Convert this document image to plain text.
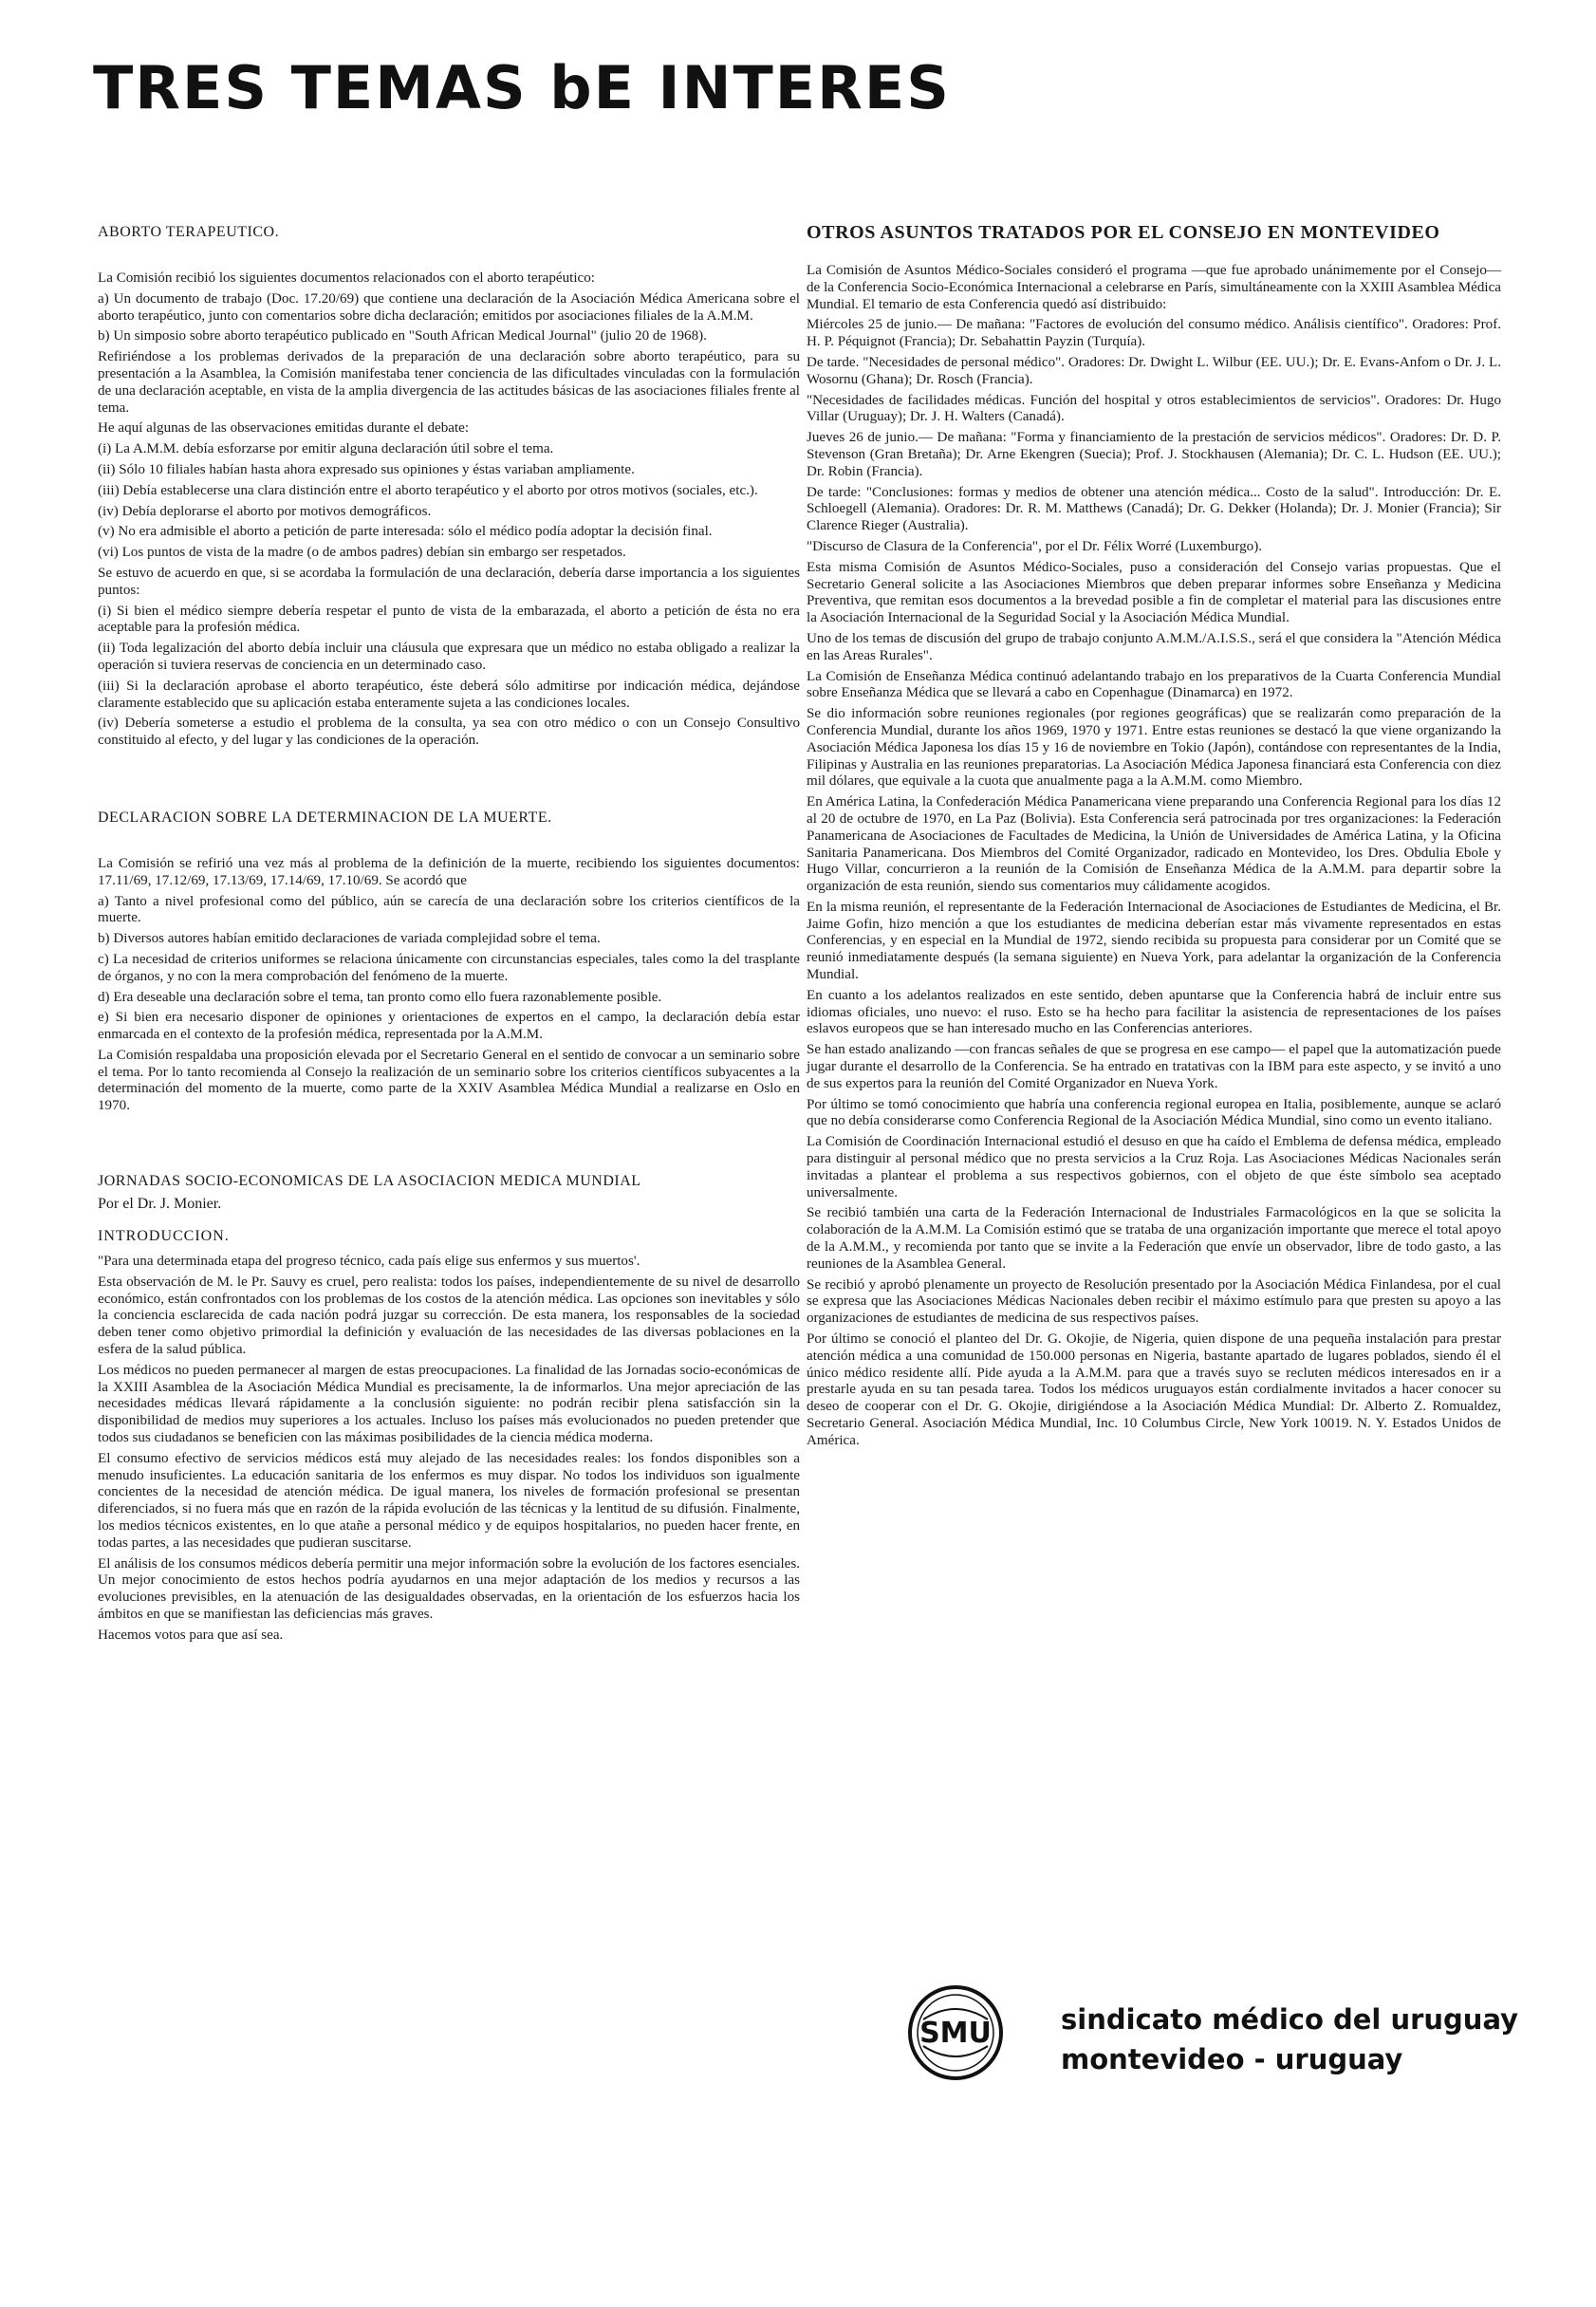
TRES TEMAS bE INTERES
ABORTO TERAPEUTICO.

La Comisión recibió los siguientes documentos relacionados con el aborto terapéutico:

a) Un documento de trabajo (Doc. 17.20/69) que contiene una declaración de la Asociación Médica Americana sobre el aborto terapéutico, junto con comentarios sobre dicha declaración; emitidos por asociaciones filiales de la A.M.M.

b) Un simposio sobre aborto terapéutico publicado en "South African Medical Journal" (julio 20 de 1968).

Refiriéndose a los problemas derivados de la preparación de una declaración sobre aborto terapéutico, para su presentación a la Asamblea, la Comisión manifestaba tener conciencia de las dificultades vinculadas con la formulación de una declaración aceptable, en vista de la amplia divergencia de las actitudes básicas de las asociaciones filiales frente al tema.

He aquí algunas de las observaciones emitidas durante el debate:

(i) La A.M.M. debía esforzarse por emitir alguna declaración útil sobre el tema.

(ii) Sólo 10 filiales habían hasta ahora expresado sus opiniones y éstas variaban ampliamente.

(iii) Debía establecerse una clara distinción entre el aborto terapéutico y el aborto por otros motivos (sociales, etc.).

(iv) Debía deplorarse el aborto por motivos demográficos.

(v) No era admisible el aborto a petición de parte interesada: sólo el médico podía adoptar la decisión final.

(vi) Los puntos de vista de la madre (o de ambos padres) debían sin embargo ser respetados.

Se estuvo de acuerdo en que, si se acordaba la formulación de una declaración, debería darse importancia a los siguientes puntos:

(i) Si bien el médico siempre debería respetar el punto de vista de la embarazada, el aborto a petición de ésta no era aceptable para la profesión médica.

(ii) Toda legalización del aborto debía incluir una cláusula que expresara que un médico no estaba obligado a realizar la operación si tuviera reservas de conciencia en un determinado caso.

(iii) Si la declaración aprobase el aborto terapéutico, éste deberá sólo admitirse por indicación médica, dejándose claramente establecido que su aplicación estaba enteramente sujeta a las condiciones locales.

(iv) Debería someterse a estudio el problema de la consulta, ya sea con otro médico o con un Consejo Consultivo constituido al efecto, y del lugar y las condiciones de la operación.

DECLARACION SOBRE LA DETERMINACION DE LA MUERTE.

La Comisión se refirió una vez más al problema de la definición de la muerte, recibiendo los siguientes documentos: 17.11/69, 17.12/69, 17.13/69, 17.14/69, 17.10/69. Se acordó que

a) Tanto a nivel profesional como del público, aún se carecía de una declaración sobre los criterios científicos de la muerte.

b) Diversos autores habían emitido declaraciones de variada complejidad sobre el tema.

c) La necesidad de criterios uniformes se relaciona únicamente con circunstancias especiales, tales como la del trasplante de órganos, y no con la mera comprobación del fenómeno de la muerte.

d) Era deseable una declaración sobre el tema, tan pronto como ello fuera razonablemente posible.

e) Si bien era necesario disponer de opiniones y orientaciones de expertos en el campo, la declaración debía estar enmarcada en el contexto de la profesión médica, representada por la A.M.M.

La Comisión respaldaba una proposición elevada por el Secretario General en el sentido de convocar a un seminario sobre el tema. Por lo tanto recomienda al Consejo la realización de un seminario sobre los criterios científicos subyacentes a la determinación del momento de la muerte, como parte de la XXIV Asamblea Médica Mundial a realizarse en Oslo en 1970.

JORNADAS SOCIO-ECONOMICAS DE LA ASOCIACION MEDICA MUNDIAL
Por el Dr. J. Monier.
INTRODUCCION.

"Para una determinada etapa del progreso técnico, cada país elige sus enfermos y sus muertos'.

Esta observación de M. le Pr. Sauvy es cruel, pero realista: todos los países, independientemente de su nivel de desarrollo económico, están confrontados con los problemas de los costos de la atención médica. Las opciones son inevitables y sólo la conciencia esclarecida de cada nación podrá juzgar su corrección. De esta manera, los responsables de la sociedad deben tener como objetivo primordial la definición y evaluación de las necesidades de las diversas poblaciones en la esfera de la salud pública.

Los médicos no pueden permanecer al margen de estas preocupaciones. La finalidad de las Jornadas socio-económicas de la XXIII Asamblea de la Asociación Médica Mundial es precisamente, la de informarlos. Una mejor apreciación de las necesidades médicas llevará rápidamente a la conclusión siguiente: no podrán recibir plena satisfacción sin la disponibilidad de medios muy superiores a los actuales. Incluso los países más evolucionados no pueden pretender que todos sus ciudadanos se beneficien con las máximas posibilidades de la ciencia médica moderna.

El consumo efectivo de servicios médicos está muy alejado de las necesidades reales: los fondos disponibles son a menudo insuficientes. La educación sanitaria de los enfermos es muy dispar. No todos los individuos son igualmente concientes de la necesidad de atención médica. De igual manera, los niveles de formación profesional se presentan diferenciados, si no fuera más que en razón de la rápida evolución de las técnicas y la lentitud de su difusión. Finalmente, los medios técnicos existentes, en lo que atañe a personal médico y de equipos hospitalarios, no pueden hacer frente, en todas partes, a las necesidades que pudieran suscitarse.

El análisis de los consumos médicos debería permitir una mejor información sobre la evolución de los factores esenciales. Un mejor conocimiento de estos hechos podría ayudarnos en una mejor adaptación de los medios y recursos a las evoluciones previsibles, en la atenuación de las desigualdades observadas, en la orientación de los esfuerzos hacia los ámbitos en que se manifiestan las deficiencias más graves.

Hacemos votos para que así sea.

OTROS ASUNTOS TRATADOS POR EL CONSEJO EN MONTEVIDEO

La Comisión de Asuntos Médico-Sociales consideró el programa —que fue aprobado unánimemente por el Consejo— de la Conferencia Socio-Económica Internacional a celebrarse en París, simultáneamente con la XXIII Asamblea Médica Mundial. El temario de esta Conferencia quedó así distribuido:

Miércoles 25 de junio.— De mañana: "Factores de evolución del consumo médico. Análisis científico". Oradores: Prof. H. P. Péquignot (Francia); Dr. Sebahattin Payzin (Turquía).

De tarde. "Necesidades de personal médico". Oradores: Dr. Dwight L. Wilbur (EE. UU.); Dr. E. Evans-Anfom o Dr. J. L. Wosornu (Ghana); Dr. Rosch (Francia).

"Necesidades de facilidades médicas. Función del hospital y otros establecimientos de servicios". Oradores: Dr. Hugo Villar (Uruguay); Dr. J. H. Walters (Canadá).

Jueves 26 de junio.— De mañana: "Forma y financiamiento de la prestación de servicios médicos". Oradores: Dr. D. P. Stevenson (Gran Bretaña); Dr. Arne Ekengren (Suecia); Prof. J. Stockhausen (Alemania); Dr. C. L. Hudson (EE. UU.); Dr. Robin (Francia).

De tarde: "Conclusiones: formas y medios de obtener una atención médica... Costo de la salud". Introducción: Dr. E. Schloegell (Alemania). Oradores: Dr. R. M. Matthews (Canadá); Dr. G. Dekker (Holanda); Dr. J. Monier (Francia); Sir Clarence Rieger (Australia).

"Discurso de Clasura de la Conferencia", por el Dr. Félix Worré (Luxemburgo).

Esta misma Comisión de Asuntos Médico-Sociales, puso a consideración del Consejo varias propuestas. Que el Secretario General solicite a las Asociaciones Miembros que deben preparar informes sobre Enseñanza y Medicina Preventiva, que remitan esos documentos a la brevedad posible a fin de completar el material para las discusiones entre la Asociación Internacional de la Seguridad Social y la Asociación Médica Mundial.

Uno de los temas de discusión del grupo de trabajo conjunto A.M.M./A.I.S.S., será el que considera la "Atención Médica en las Areas Rurales".

La Comisión de Enseñanza Médica continuó adelantando trabajo en los preparativos de la Cuarta Conferencia Mundial sobre Enseñanza Médica que se llevará a cabo en Copenhague (Dinamarca) en 1972.

Se dio información sobre reuniones regionales (por regiones geográficas) que se realizarán como preparación de la Conferencia Mundial, durante los años 1969, 1970 y 1971. Entre estas reuniones se destacó la que viene organizando la Asociación Médica Japonesa los días 15 y 16 de noviembre en Tokio (Japón), contándose con representantes de la India, Filipinas y Australia en las reuniones preparatorias. La Asociación Médica Japonesa financiará esta Conferencia con diez mil dólares, que equivale a la cuota que anualmente paga a la A.M.M. como Miembro.

En América Latina, la Confederación Médica Panamericana viene preparando una Conferencia Regional para los días 12 al 20 de octubre de 1970, en La Paz (Bolivia). Esta Conferencia será patrocinada por tres organizaciones: la Federación Panamericana de Asociaciones de Facultades de Medicina, la Unión de Universidades de América Latina, y la Oficina Sanitaria Panamericana. Dos Miembros del Comité Organizador, radicado en Montevideo, los Dres. Obdulia Ebole y Hugo Villar, concurrieron a la reunión de la Comisión de Enseñanza Médica de la A.M.M. para departir sobre la organización de esta reunión, siendo sus comentarios muy cálidamente acogidos.

En la misma reunión, el representante de la Federación Internacional de Asociaciones de Estudiantes de Medicina, el Br. Jaime Gofin, hizo mención a que los estudiantes de medicina deberían estar más vivamente representados en estas Conferencias, y en especial en la Mundial de 1972, siendo recibida su propuesta para considerar por un Comité que se reunió inmediatamente después (la semana siguiente) en Nueva York, para adelantar la organización de la Conferencia Mundial.

En cuanto a los adelantos realizados en este sentido, deben apuntarse que la Conferencia habrá de incluir entre sus idiomas oficiales, uno nuevo: el ruso. Esto se ha hecho para facilitar la asistencia de representaciones de los países eslavos europeos que se han interesado mucho en las Conferencias anteriores.

Se han estado analizando —con francas señales de que se progresa en ese campo— el papel que la automatización puede jugar durante el desarrollo de la Conferencia. Se ha entrado en tratativas con la IBM para este aspecto, y se invitó a uno de sus expertos para la reunión del Comité Organizador en Nueva York.

Por último se tomó conocimiento que habría una conferencia regional europea en Italia, posiblemente, aunque se aclaró que no debía considerarse como Conferencia Regional de la Asociación Médica Mundial, sino como un evento italiano.

La Comisión de Coordinación Internacional estudió el desuso en que ha caído el Emblema de defensa médica, empleado para distinguir al personal médico que no presta servicios a la Cruz Roja. Las Asociaciones Médicas Nacionales serán invitadas a plantear el problema a sus respectivos gobiernos, con el objeto de que éste símbolo sea aceptado universalmente.

Se recibió también una carta de la Federación Internacional de Industriales Farmacológicos en la que se solicita la colaboración de la A.M.M. La Comisión estimó que se trataba de una organización importante que merece el total apoyo de la A.M.M., y recomienda por tanto que se invite a la Federación que envíe un observador, libre de todo gasto, a las reuniones de la Asamblea General.

Se recibió y aprobó plenamente un proyecto de Resolución presentado por la Asociación Médica Finlandesa, por el cual se expresa que las Asociaciones Médicas Nacionales deben recibir el máximo estímulo para que presten su apoyo a las organizaciones de estudiantes de medicina de sus respectivos países.

Por último se conoció el planteo del Dr. G. Okojie, de Nigeria, quien dispone de una pequeña instalación para prestar atención médica a una comunidad de 150.000 personas en Nigeria, bastante apartado de lugares poblados, siendo él el único médico residente allí. Pide ayuda a la A.M.M. para que a través suyo se recluten médicos interesados en ir a prestarle ayuda en su tan pesada tarea. Todos los médicos uruguayos están cordialmente invitados a hacer conocer su deseo de cooperar con el Dr. G. Okojie, dirigiéndose a la Asociación Médica Mundial: Dr. Alberto Z. Romualdez, Secretario General. Asociación Médica Mundial, Inc. 10 Columbus Circle, New York 10019. N. Y. Estados Unidos de América.

SMU	sindicato médico del uruguay
montevideo - uruguay
